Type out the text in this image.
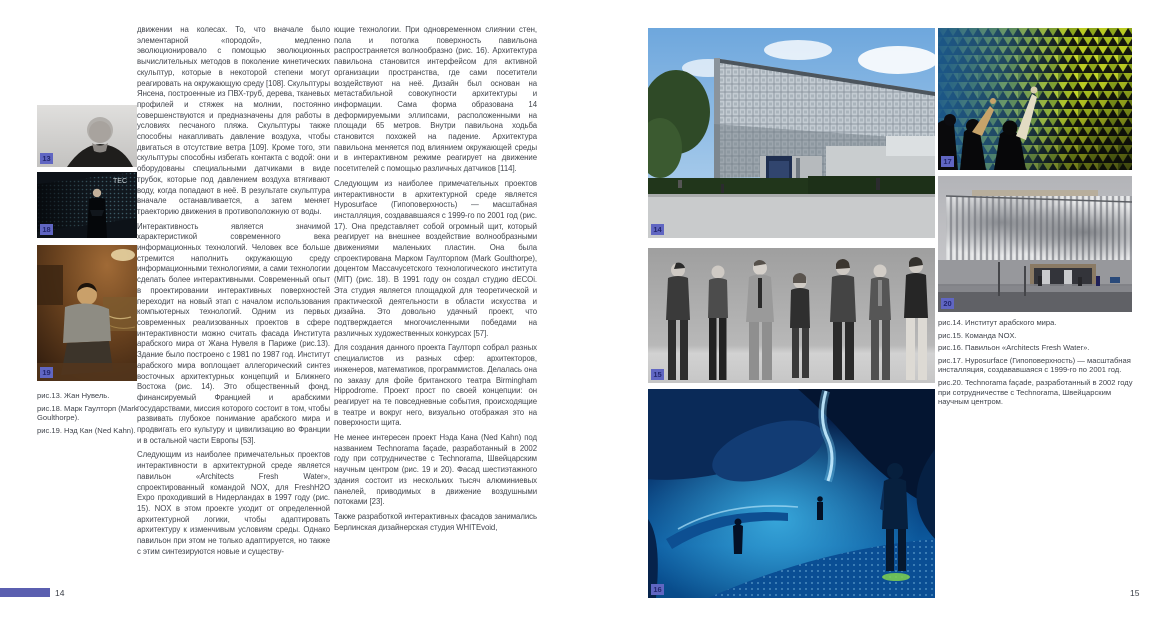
13
TEC
18
19

рис.13. Жан Нувель.

рис.18. Марк Гаулторп (Mark Goulthorpe).

рис.19. Нэд Кан (Ned Kahn).

движении на колесах. То, что вначале было элементарной «породой», медленно эволюционировало с помощью эволюционных вычислительных методов в поколение кинетических скульптур, которые в некоторой степени могут реагировать на окружающую среду [108]. Скульптуры Янсена, построенные из ПВХ-труб, дерева, тканевых профилей и стяжек на молнии, постоянно совершенствуются и предназначены для работы в условиях песчаного пляжа. Скульптуры также способны накапливать давление воздуха, чтобы двигаться в отсутствие ветра [109]. Кроме того, эти скульптуры способны избегать контакта с водой: они оборудованы специальными датчиками в виде трубок, которые под давлением воздуха втягивают воду, когда попадают в неё. В результате скульптура вначале останавливается, а затем меняет траекторию движения в противоположную от воды.

Интерактивность является значимой характеристикой современного века информационных технологий. Человек все больше стремится наполнить окружающую среду информационными технологиями, а сами технологии сделать более интерактивными. Современный опыт в проектировании интерактивных поверхностей переходит на новый этап с началом использования компьютерных технологий. Одним из первых современных реализованных проектов в сфере интерактивности можно считать фасада Института арабского мира от Жана Нувеля в Париже (рис.13). Здание было построено с 1981 по 1987 год. Институт арабского мира воплощает аллегорический синтез восточных архитектурных концепций и Ближнего Востока (рис. 14). Это общественный фонд, финансируемый Францией и арабскими государствами, миссия которого состоит в том, чтобы развивать глубокое понимание арабского мира и продвигать его культуру и цивилизацию во Франции и в остальной части Европы [53].

Следующим из наиболее примечательных проектов интерактивности в архитектурной среде является павильон «Architects Fresh Water», спроектированный командой NOX, для FreshH2O Expo проходивший в Нидерландах в 1997 году (рис. 15). NOX в этом проекте уходит от определенной архитектурной логики, чтобы адаптировать архитектуру к изменчивым условиям среды. Однако павильон при этом не только адаптируется, но также с этим синтезируются новые и существу-

ющие технологии. При одновременном слиянии стен, пола и потолка поверхность павильона распространяется волнообразно (рис. 16). Архитектура павильона становится интерфейсом для активной организации пространства, где сами посетители воздействуют на неё. Дизайн был основан на метастабильной совокупности архитектуры и информации. Сама форма образована 14 деформируемыми эллипсами, расположенными на площади 65 метров. Внутри павильона ходьба становится похожей на падение. Архитектура павильона меняется под влиянием окружающей среды и в интерактивном режиме реагирует на движение посетителей с помощью различных датчиков [114].

Следующим из наиболее примечательных проектов интерактивности в архитектурной среде является Hyposurface (Гипоповерхность) — масштабная инсталляция, создававшаяся с 1999-го по 2001 год (рис. 17). Она представляет собой огромный щит, который реагирует на внешнее воздействие волнообразными движениями маленьких пластин. Она была спроектирована Марком Гаулторпом (Mark Goulthorpe), доцентом Массачусетского технологического института (MIT) (рис. 18). В 1991 году он создал студию dECOi. Эта студия является площадкой для теоретической и практической деятельности в области искусства и дизайна. Это довольно удачный проект, что подтверждается многочисленными победами на различных художественных конкурсах [57].

Для создания данного проекта Гаулторп собрал разных специалистов из разных сфер: архитекторов, инженеров, математиков, программистов. Делалась она по заказу для фойе британского театра Birmingham Hippodrome. Проект прост по своей концепции: он реагирует на те повседневные события, происходящие в театре и вокруг него, визуально отображая это на поверхности щита.

Не менее интересен проект Нэда Кана (Ned Kahn) под названием Technorama façade, разработанный в 2002 году при сотрудничестве с Technorama, Швейцарским научным центром (рис. 19 и 20). Фасад шестиэтажного здания состоит из нескольких тысяч алюминиевых панелей, приводимых в движение воздушными потоками [23].

Также разработкой интерактивных фасадов занимались Берлинская дизайнерская студия WHITEvoid,

14
14
17
20
15

рис.14. Институт арабского мира.

рис.15. Команда NOX.

рис.16. Павильон «Architects Fresh Water».

рис.17. Hyposurface (Гипоповерхность) — масштабная инсталляция, создававшаяся с 1999-го по 2001 год.

рис.20. Technorama façade, разработанный в 2002 году при сотрудничестве с Technorama, Швейцарским научным центром.

16	15
